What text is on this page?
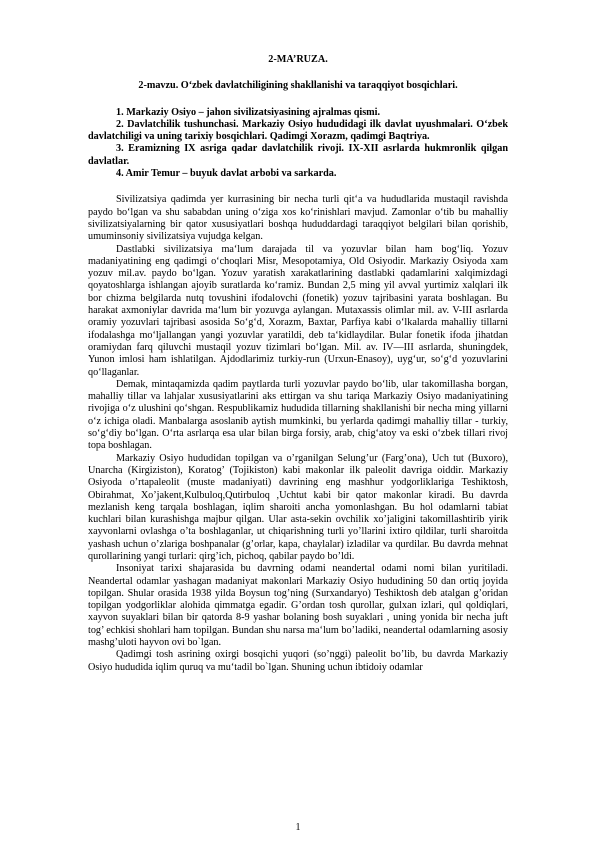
2-MA’RUZA.
2-mavzu. O‘zbek davlatchiligining shakllanishi va taraqqiyot bosqichlari.

1. Markaziy Osiyo – jahon sivilizatsiyasining ajralmas qismi.

2. Davlatchilik tushunchasi. Markaziy Osiyo hududidagi ilk davlat uyushmalari. O‘zbek davlatchiligi va uning tarixiy bosqichlari. Qadimgi Xorazm, qadimgi Baqtriya.

3. Eramizning IX asriga qadar davlatchilik rivoji. IX-XII asrlarda hukmronlik qilgan davlatlar.

4. Amir Temur – buyuk davlat arbobi va sarkarda.

Sivilizatsiya qadimda yer kurrasining bir necha turli qit‘a va hududlarida mustaqil ravishda paydo bo‘lgan va shu sababdan uning o‘ziga xos ko‘rinishlari mavjud. Zamonlar o‘tib bu mahalliy sivilizatsiyalarning bir qator xususiyatlari boshqa hududdardagi taraqqiyot belgilari bilan qorishib, umuminsoniy sivilizatsiya vujudga kelgan.

Dastlabki sivilizatsiya ma‘lum darajada til va yozuvlar bilan ham bog‘liq. Yozuv madaniyatining eng qadimgi o‘choqlari Misr, Mesopotamiya, Old Osiyodir. Markaziy Osiyoda xam yozuv mil.av. paydo bo‘lgan. Yozuv yaratish xarakatlarining dastlabki qadamlarini xalqimizdagi qoyatoshlarga ishlangan ajoyib suratlarda ko‘ramiz. Bundan 2,5 ming yil avval yurtimiz xalqlari ilk bor chizma belgilarda nutq tovushini ifodalovchi (fonetik) yozuv tajribasini yarata boshlagan. Bu harakat axmoniylar davrida ma‘lum bir yozuvga aylangan. Mutaxassis olimlar mil. av. V-III asrlarda oramiy yozuvlari tajribasi asosida So‘g‘d, Xorazm, Baxtar, Parfiya kabi o‘lkalarda mahalliy tillarni ifodalashga mo‘ljallangan yangi yozuvlar yaratildi, deb ta‘kidlaydilar. Bular fonetik ifoda jihatdan oramiydan farq qiluvchi mustaqil yozuv tizimlari bo‘lgan. Mil. av. IV—III asrlarda, shuningdek, Yunon imlosi ham ishlatilgan. Ajdodlarimiz turkiy-run (Urxun-Enasoy), uyg‘ur, so‘g‘d yozuvlarini qo‘llaganlar.

Demak, mintaqamizda qadim paytlarda turli yozuvlar paydo bo‘lib, ular takomillasha borgan, mahalliy tillar va lahjalar xususiyatlarini aks ettirgan va shu tariqa Markaziy Osiyo madaniyatining rivojiga o‘z ulushini qo‘shgan. Respublikamiz hududida tillarning shakllanishi bir necha ming yillarni o‘z ichiga oladi. Manbalarga asoslanib aytish mumkinki, bu yerlarda qadimgi mahalliy tillar - turkiy, so‘g‘diy bo‘lgan. O‘rta asrlarqa esa ular bilan birga forsiy, arab, chig‘atoy va eski o‘zbek tillari rivoj topa boshlagan.

Markaziy Osiyo hududidan topilgan va o’rganilgan Selung’ur (Farg’ona), Uch tut (Buxoro), Unarcha (Kirgiziston), Koratog’ (Tojikiston) kabi makonlar ilk paleolit davriga oiddir. Markaziy Osiyoda o’rtapaleolit (muste madaniyati) davrining eng mashhur yodgorliklariga Teshiktosh, Obirahmat, Xo’jakent,Kulbuloq,Qutirbuloq ,Uchtut kabi bir qator makonlar kiradi. Bu davrda mezlanish keng tarqala boshlagan, iqlim sharoiti ancha yomonlashgan. Bu hol odamlarni tabiat kuchlari bilan kurashishga majbur qilgan. Ular asta-sekin ovchilik xo’jaligini takomillashtirib yirik xayvonlarni ovlashga o’ta boshlaganlar, ut chiqarishning turli yo’llarini ixtiro qildilar, turli sharoitda yashash uchun o’zlariga boshpanalar (g’orlar, kapa, chaylalar) izladilar va qurdilar. Bu davrda mehnat qurollarining yangi turlari: qirg’ich, pichoq, qabilar paydo bo’ldi.

Insoniyat tarixi shajarasida bu davrning odami neandertal odami nomi bilan yuritiladi. Neandertal odamlar yashagan madaniyat makonlari Markaziy Osiyo hududining 50 dan ortiq joyida topilgan. Shular orasida 1938 yilda Boysun tog’ning (Surxandaryo) Teshiktosh deb atalgan g’oridan topilgan yodgorliklar alohida qimmatga egadir. G’ordan tosh qurollar, gulxan izlari, qul qoldiqlari, xayvon suyaklari bilan bir qatorda 8-9 yashar bolaning bosh suyaklari , uning yonida bir necha juft tog’ echkisi shohlari ham topilgan. Bundan shu narsa ma‘lum bo’ladiki, neandertal odamlarning asosiy mashg’uloti hayvon ovi bo`lgan.

Qadimgi tosh asrining oxirgi bosqichi yuqori (so’nggi) paleolit bo’lib, bu davrda Markaziy Osiyo hududida iqlim quruq va mu‘tadil bo`lgan. Shuning uchun ibtidoiy odamlar

1
